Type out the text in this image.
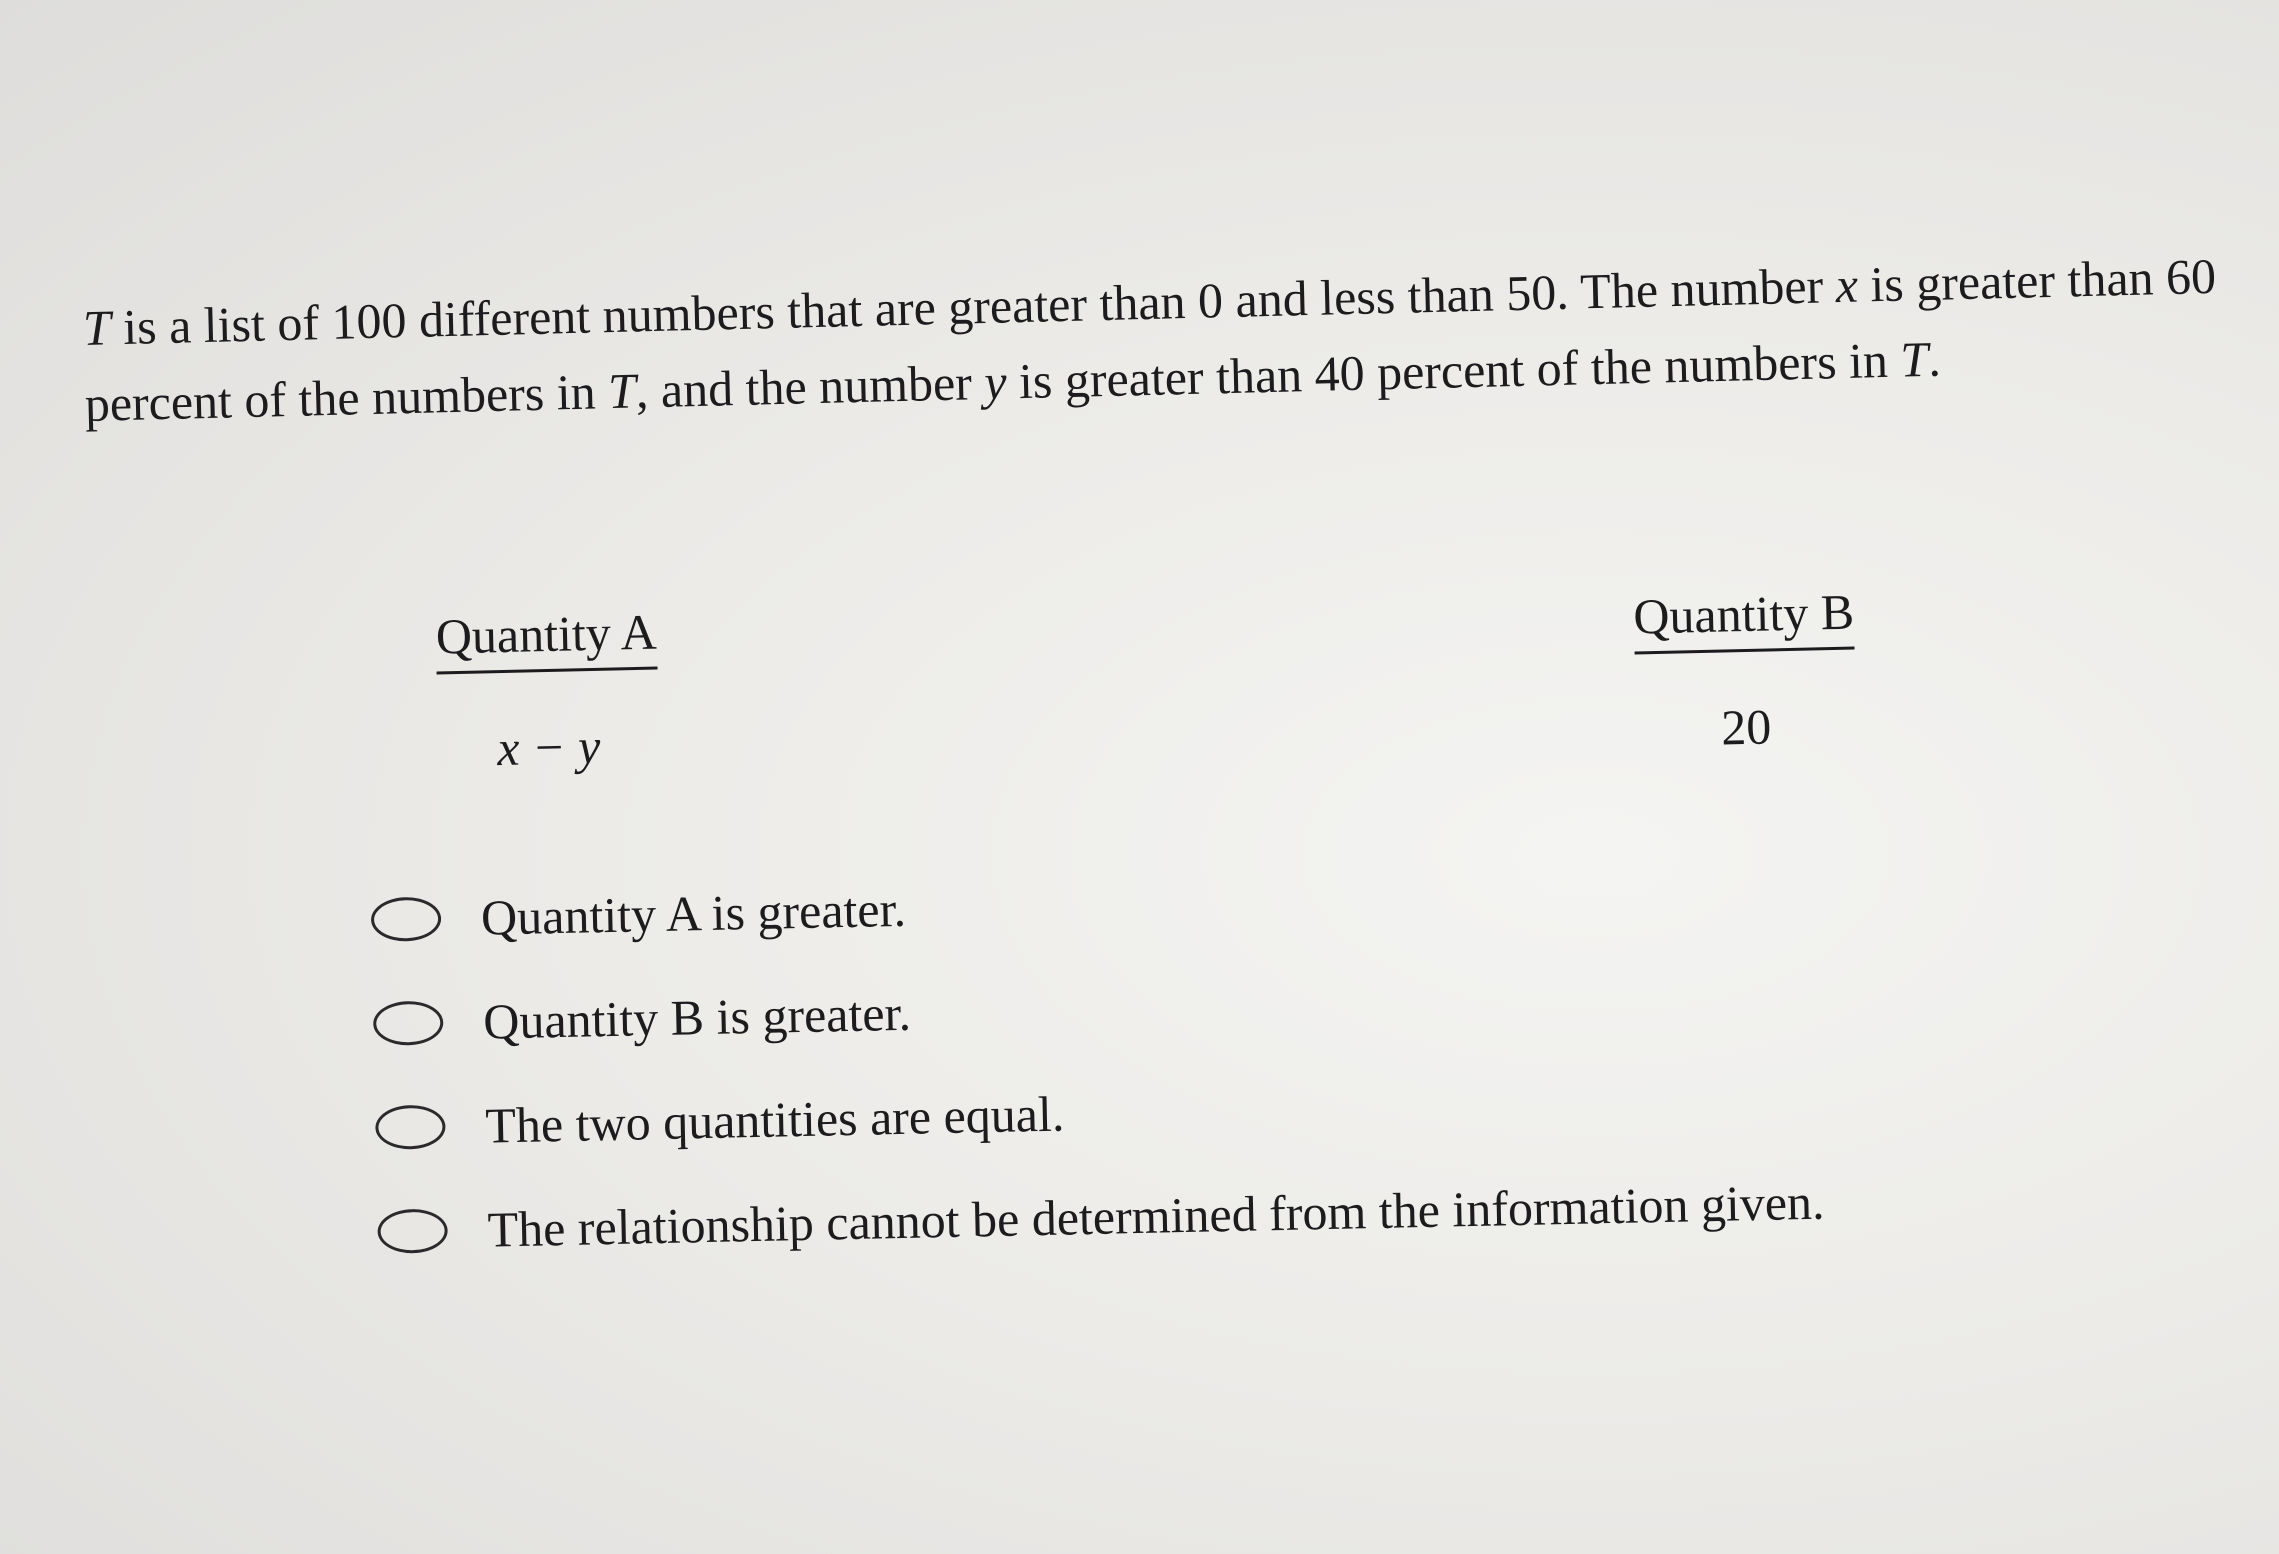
T is a list of 100 different numbers that are greater than 0 and less than 50. The number x is greater than 60 percent of the numbers in T, and the number y is greater than 40 percent of the numbers in T.

Quantity A
x − y
Quantity B
20
Quantity A is greater.
Quantity B is greater.
The two quantities are equal.
The relationship cannot be determined from the information given.
